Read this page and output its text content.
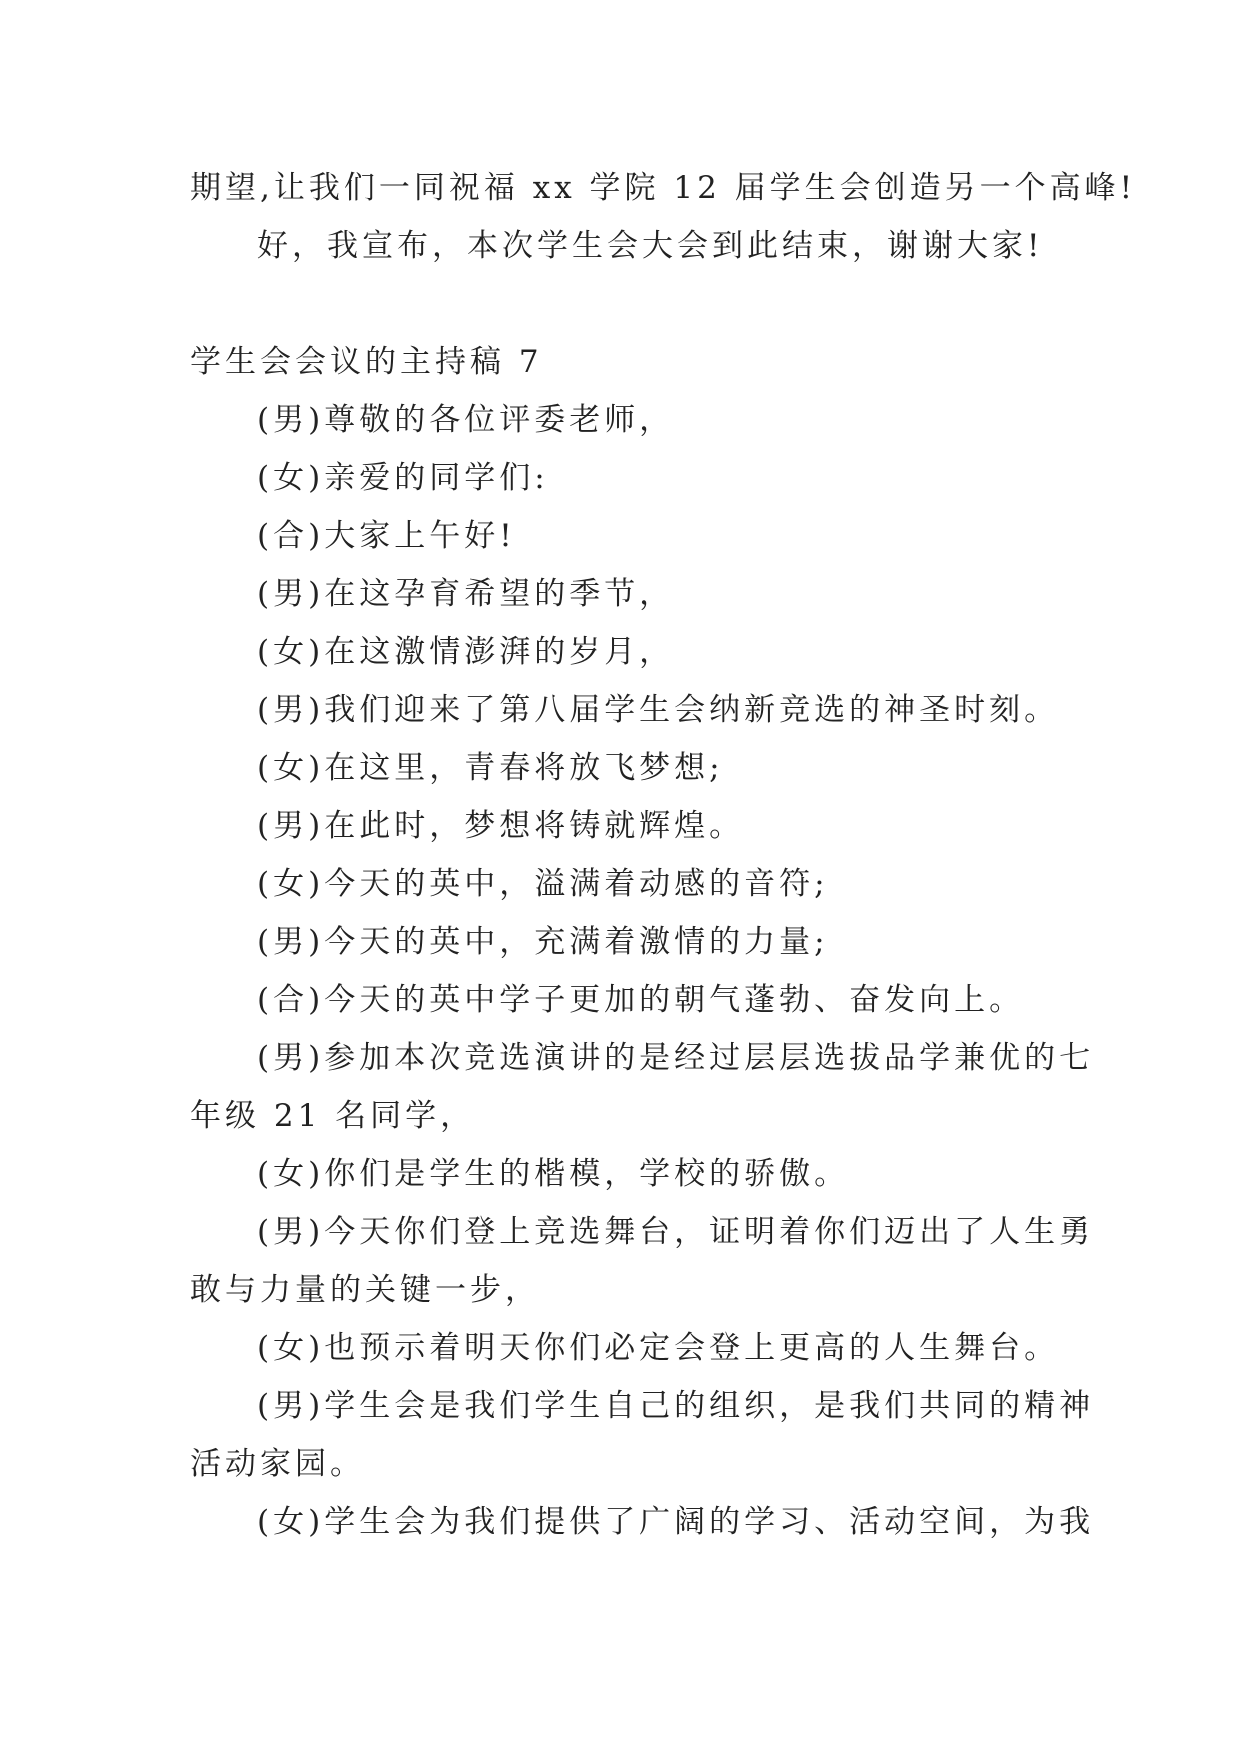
期望,让我们一同祝福 xx 学院 12 届学生会创造另一个高峰!
好，我宣布，本次学生会大会到此结束，谢谢大家!
学生会会议的主持稿 7
(男)尊敬的各位评委老师，
(女)亲爱的同学们:
(合)大家上午好!
(男)在这孕育希望的季节，
(女)在这激情澎湃的岁月，
(男)我们迎来了第八届学生会纳新竞选的神圣时刻。
(女)在这里，青春将放飞梦想;
(男)在此时，梦想将铸就辉煌。
(女)今天的英中，溢满着动感的音符;
(男)今天的英中，充满着激情的力量;
(合)今天的英中学子更加的朝气蓬勃、奋发向上。
(男)参加本次竞选演讲的是经过层层选拔品学兼优的七
年级 21 名同学，
(女)你们是学生的楷模，学校的骄傲。
(男)今天你们登上竞选舞台，证明着你们迈出了人生勇
敢与力量的关键一步，
(女)也预示着明天你们必定会登上更高的人生舞台。
(男)学生会是我们学生自己的组织，是我们共同的精神
活动家园。
(女)学生会为我们提供了广阔的学习、活动空间，为我
